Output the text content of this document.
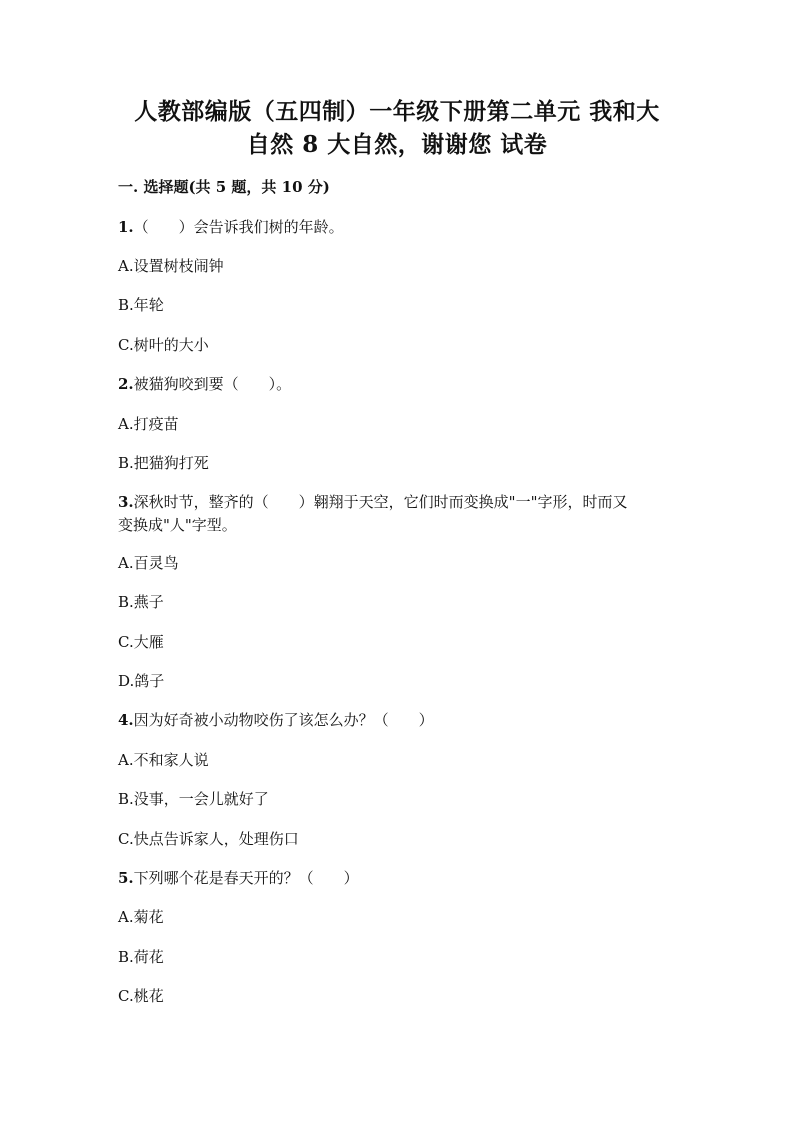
人教部编版（五四制）一年级下册第二单元 我和大
自然 8 大自然，谢谢您 试卷
一. 选择题(共 5 题，共 10 分)
1.（　　）会告诉我们树的年龄。
A.设置树枝闹钟
B.年轮
C.树叶的大小
2.被猫狗咬到要（　　）。
A.打疫苗
B.把猫狗打死
3.深秋时节，整齐的（　　）翱翔于天空，它们时而变换成"一"字形，时而又
变换成"人"字型。
A.百灵鸟
B.燕子
C.大雁
D.鸽子
4.因为好奇被小动物咬伤了该怎么办？（　　）
A.不和家人说
B.没事，一会儿就好了
C.快点告诉家人，处理伤口
5.下列哪个花是春天开的？（　　）
A.菊花
B.荷花
C.桃花
